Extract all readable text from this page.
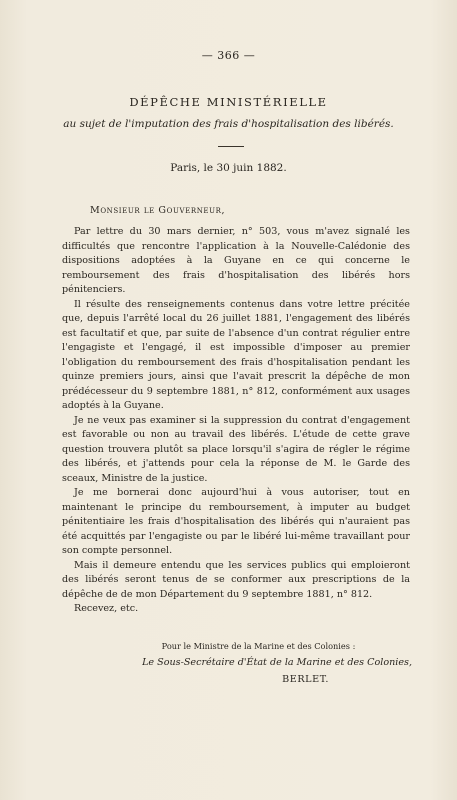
— 366 —
DÉPÊCHE MINISTÉRIELLE
au sujet de l'imputation des frais d'hospitalisation des libérés.
Paris, le 30 juin 1882.
Monsieur le Gouverneur,

Par lettre du 30 mars dernier, n° 503, vous m'avez signalé les difficultés que rencontre l'application à la Nouvelle-Calédonie des dispositions adoptées à la Guyane en ce qui concerne le remboursement des frais d'hospitalisation des libérés hors pénitenciers.

Il résulte des renseignements contenus dans votre lettre précitée que, depuis l'arrêté local du 26 juillet 1881, l'engagement des libérés est facultatif et que, par suite de l'absence d'un contrat régulier entre l'engagiste et l'engagé, il est impossible d'imposer au premier l'obligation du remboursement des frais d'hospitalisation pendant les quinze premiers jours, ainsi que l'avait prescrit la dépêche de mon prédécesseur du 9 septembre 1881, n° 812, conformément aux usages adoptés à la Guyane.

Je ne veux pas examiner si la suppression du contrat d'engagement est favorable ou non au travail des libérés. L'étude de cette grave question trouvera plutôt sa place lorsqu'il s'agira de régler le régime des libérés, et j'attends pour cela la réponse de M. le Garde des sceaux, Ministre de la justice.

Je me bornerai donc aujourd'hui à vous autoriser, tout en maintenant le principe du remboursement, à imputer au budget pénitentiaire les frais d'hospitalisation des libérés qui n'auraient pas été acquittés par l'engagiste ou par le libéré lui-même travaillant pour son compte personnel.

Mais il demeure entendu que les services publics qui emploieront des libérés seront tenus de se conformer aux prescriptions de la dépêche de de mon Département du 9 septembre 1881, n° 812.

Recevez, etc.

Pour le Ministre de la Marine et des Colonies :
Le Sous-Secrétaire d'État de la Marine et des Colonies,
BERLET.
